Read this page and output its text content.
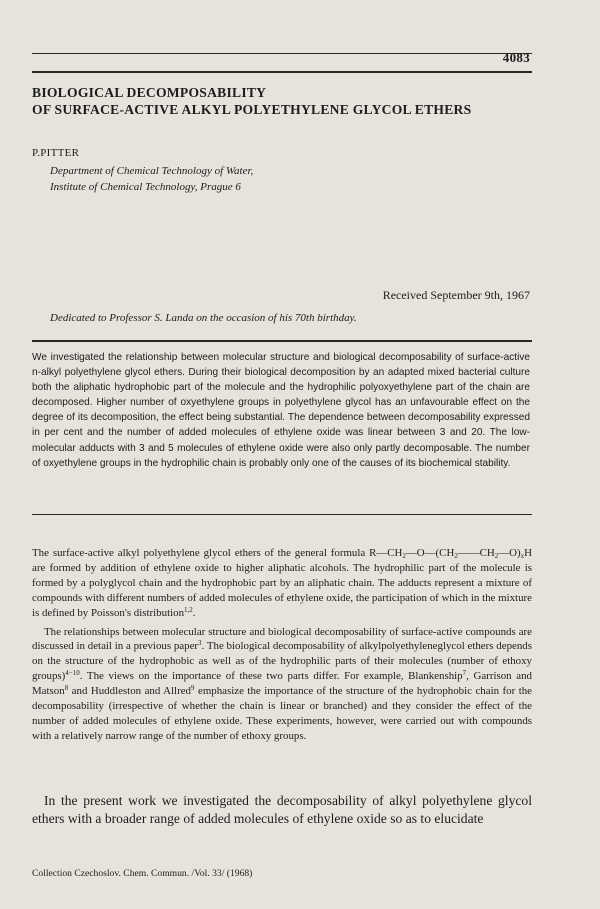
4083
BIOLOGICAL DECOMPOSABILITY
OF SURFACE-ACTIVE ALKYL POLYETHYLENE GLYCOL ETHERS
P.PITTER
Department of Chemical Technology of Water,
Institute of Chemical Technology, Prague 6
Received September 9th, 1967
Dedicated to Professor S. Landa on the occasion of his 70th birthday.
We investigated the relationship between molecular structure and biological decomposability of surface-active n-alkyl polyethylene glycol ethers. During their biological decomposition by an adapted mixed bacterial culture both the aliphatic hydrophobic part of the molecule and the hydrophilic polyoxyethylene part of the chain are decomposed. Higher number of oxyethylene groups in polyethylene glycol has an unfavourable effect on the degree of its decomposition, the effect being substantial. The dependence between decomposability expressed in per cent and the number of added molecules of ethylene oxide was linear between 3 and 20. The low-molecular adducts with 3 and 5 molecules of ethylene oxide were also only partly decomposable. The number of oxyethylene groups in the hydrophilic chain is probably only one of the causes of its biochemical stability.

The surface-active alkyl polyethylene glycol ethers of the general formula $R—CH_2—O—(CH_2——CH_2—O)_xH$ are formed by addition of ethylene oxide to higher aliphatic alcohols. The hydrophilic part of the molecule is formed by a polyglycol chain and the hydrophobic part by an aliphatic chain. The adducts represent a mixture of compounds with different numbers of added molecules of ethylene oxide, the participation of which in the mixture is defined by Poisson's distribution$^{1,2}$.

The relationships between molecular structure and biological decomposability of surface-active compounds are discussed in detail in a previous paper$^3$. The biological decomposability of alkylpolyethyleneglycol ethers depends on the structure of the hydrophobic as well as of the hydrophilic parts of their molecules (number of ethoxy groups)$^{4-10}$. The views on the importance of these two parts differ. For example, Blankenship$^7$, Garrison and Matson$^8$ and Huddleston and Allred$^9$ emphasize the importance of the structure of the hydrophobic chain for the decomposability (irrespective of whether the chain is linear or branched) and they consider the effect of the number of added molecules of ethylene oxide. These experiments, however, were carried out with compounds with a relatively narrow range of the number of ethoxy groups.

In the present work we investigated the decomposability of alkyl polyethylene glycol ethers with a broader range of added molecules of ethylene oxide so as to elucidate
Collection Czechoslov. Chem. Commun. /Vol. 33/ (1968)
